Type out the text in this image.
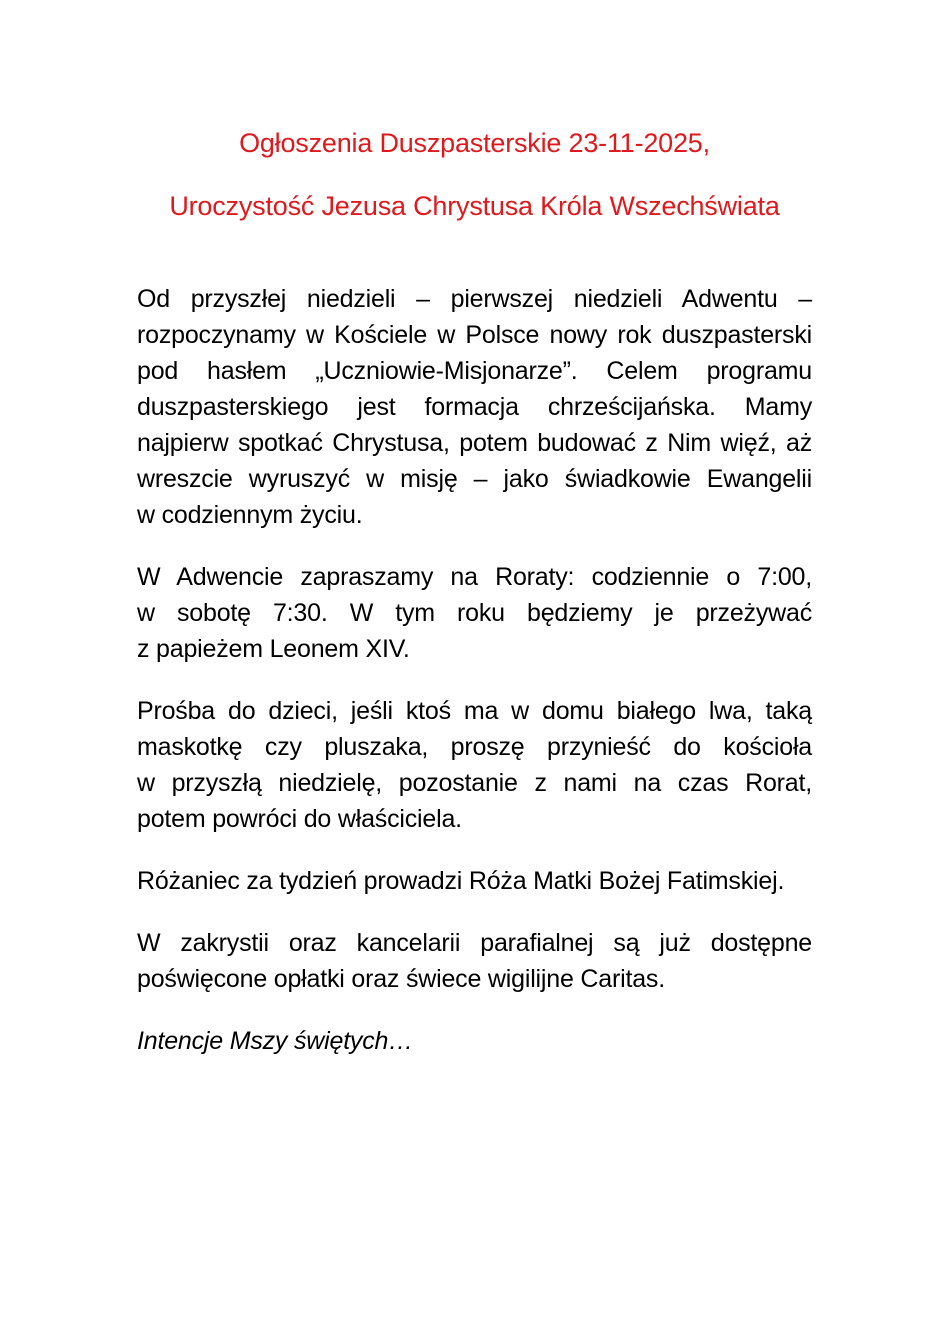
Ogłoszenia Duszpasterskie 23-11-2025,
Uroczystość Jezusa Chrystusa Króla Wszechświata
Od przyszłej niedzieli – pierwszej niedzieli Adwentu –
rozpoczynamy w Kościele w Polsce nowy rok duszpasterski
pod hasłem „Uczniowie-Misjonarze”. Celem programu
duszpasterskiego jest formacja chrześcijańska. Mamy
najpierw spotkać Chrystusa, potem budować z Nim więź, aż
wreszcie wyruszyć w misję – jako świadkowie Ewangelii
w codziennym życiu.
W Adwencie zapraszamy na Roraty: codziennie o 7:00,
w sobotę 7:30. W tym roku będziemy je przeżywać
z papieżem Leonem XIV.
Prośba do dzieci, jeśli ktoś ma w domu białego lwa, taką
maskotkę czy pluszaka, proszę przynieść do kościoła
w przyszłą niedzielę, pozostanie z nami na czas Rorat,
potem powróci do właściciela.
Różaniec za tydzień prowadzi Róża Matki Bożej Fatimskiej.
W zakrystii oraz kancelarii parafialnej są już dostępne
poświęcone opłatki oraz świece wigilijne Caritas.
Intencje Mszy świętych…
